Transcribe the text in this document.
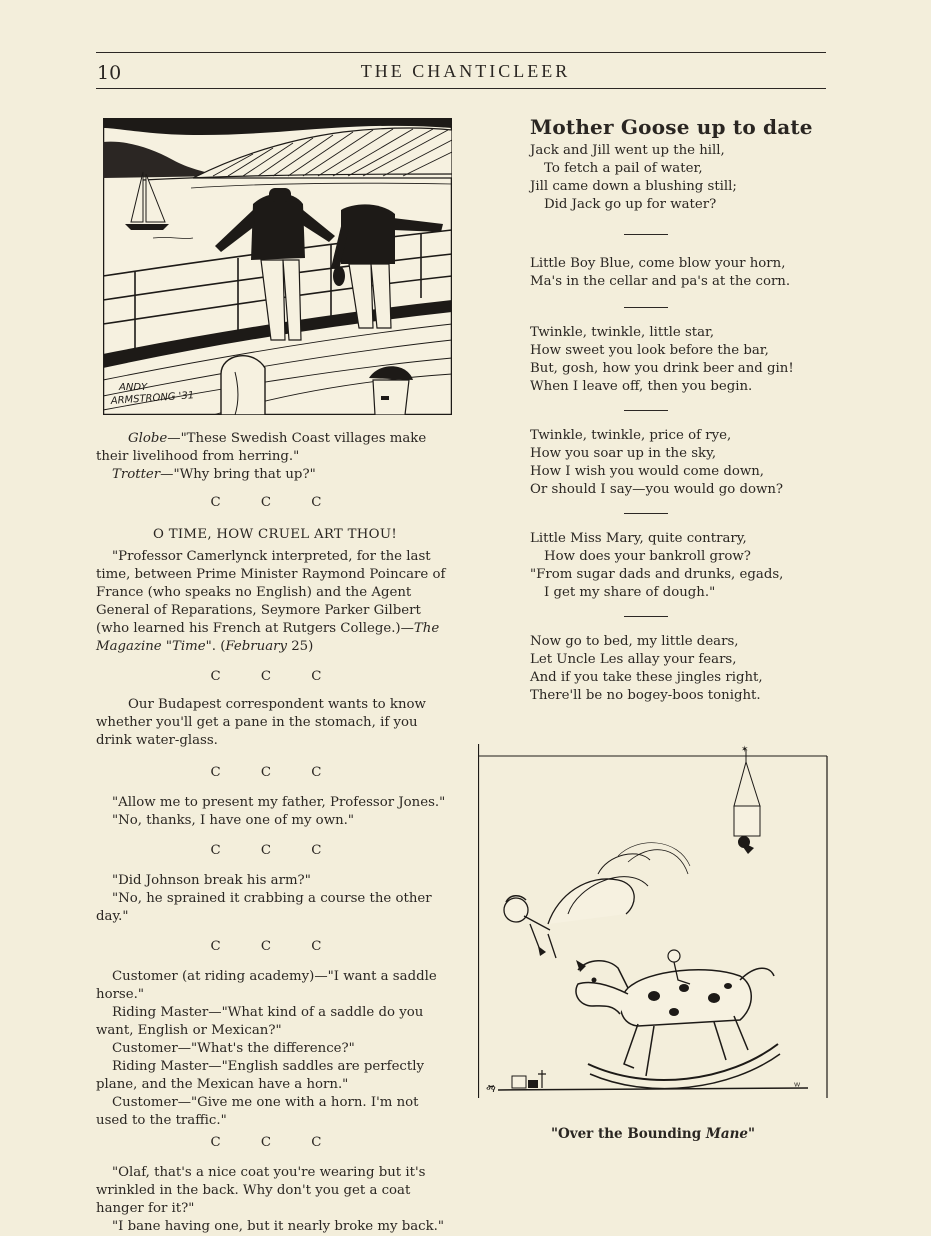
10	THE CHANTICLEER
ANDY
ARMSTRONG '31

Globe—"These Swedish Coast villages make their livelihood from herring."

Trotter—"Why bring that up?"

C C C

O TIME, HOW CRUEL ART THOU!

"Professor Camerlynck interpreted, for the last time, between Prime Minister Raymond Poincare of France (who speaks no English) and the Agent General of Reparations, Seymore Parker Gilbert (who learned his French at Rutgers College.)—The Magazine "Time". (February 25)

C C C

Our Budapest correspondent wants to know whether you'll get a pane in the stomach, if you drink water-glass.

C C C

"Allow me to present my father, Professor Jones."

"No, thanks, I have one of my own."

C C C

"Did Johnson break his arm?"

"No, he sprained it crabbing a course the other day."

C C C

Customer (at riding academy)—"I want a saddle horse."

Riding Master—"What kind of a saddle do you want, English or Mexican?"

Customer—"What's the difference?"

Riding Master—"English saddles are perfectly plane, and the Mexican have a horn."

Customer—"Give me one with a horn. I'm not used to the traffic."

C C C

"Olaf, that's a nice coat you're wearing but it's wrinkled in the back. Why don't you get a coat hanger for it?"

"I bane having one, but it nearly broke my back."

Mother Goose up to date

Jack and Jill went up the hill,

To fetch a pail of water,

Jill came down a blushing still;

Did Jack go up for water?

Little Boy Blue, come blow your horn,

Ma's in the cellar and pa's at the corn.

Twinkle, twinkle, little star,

How sweet you look before the bar,

But, gosh, how you drink beer and gin!

When I leave off, then you begin.

Twinkle, twinkle, price of rye,

How you soar up in the sky,

How I wish you would come down,

Or should I say—you would go down?

Little Miss Mary, quite contrary,

How does your bankroll grow?

"From sugar dads and drunks, egads,

I get my share of dough."

Now go to bed, my little dears,

Let Uncle Les allay your fears,

And if you take these jingles right,

There'll be no bogey-boos tonight.

✶
ፙ	ᵂ
"Over the Bounding Mane"
